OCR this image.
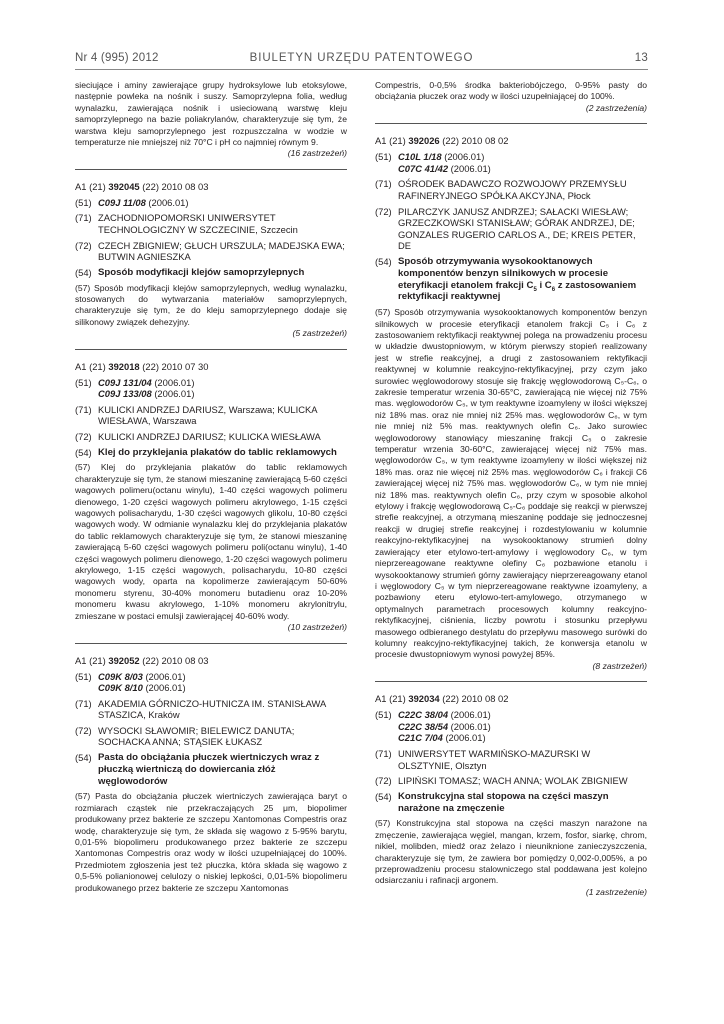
Nr 4 (995) 2012	BIULETYN URZĘDU PATENTOWEGO	13
sieciujące i aminy zawierające grupy hydroksylowe lub etoksylowe, następnie powleka na nośnik i suszy. Samoprzylepna folia, według wynalazku, zawierająca nośnik i usieciowaną warstwę kleju samoprzylepnego na bazie poliakrylanów, charakteryzuje się tym, że warstwa kleju samoprzylepnego jest rozpuszczalna w wodzie w temperaturze nie mniejszej niż 70°C i pH co najmniej równym 9.
(16 zastrzeżeń)
A1 (21) 392045 (22) 2010 08 03
(51) C09J 11/08 (2006.01)
(71) ZACHODNIOPOMORSKI UNIWERSYTET TECHNOLOGICZNY W SZCZECINIE, Szczecin
(72) CZECH ZBIGNIEW; GŁUCH URSZULA; MADEJSKA EWA; BUTWIN AGNIESZKA
(54) Sposób modyfikacji klejów samoprzylepnych
(57) Sposób modyfikacji klejów samoprzylepnych, według wynalazku, stosowanych do wytwarzania materiałów samoprzylepnych, charakteryzuje się tym, że do kleju samoprzylepnego dodaje się silikonowy związek dehezyjny.
(5 zastrzeżeń)
A1 (21) 392018 (22) 2010 07 30
(51) C09J 131/04 (2006.01)
C09J 133/08 (2006.01)
(71) KULICKI ANDRZEJ DARIUSZ, Warszawa; KULICKA WIESŁAWA, Warszawa
(72) KULICKI ANDRZEJ DARIUSZ; KULICKA WIESŁAWA
(54) Klej do przyklejania plakatów do tablic reklamowych
(57) Klej do przyklejania plakatów do tablic reklamowych charakteryzuje się tym, że stanowi mieszaninę zawierającą 5-60 części wagowych polimeru(octanu winylu), 1-40 części wagowych polimeru dienowego, 1-20 części wagowych polimeru akrylowego, 1-15 części wagowych polisacharydu, 1-30 części wagowych glikolu, 10-80 części wagowych wody. W odmianie wynalazku klej do przyklejania plakatów do tablic reklamowych charakteryzuje się tym, że stanowi mieszaninę zawierającą 5-60 części wagowych polimeru poli(octanu winylu), 1-40 części wagowych polimeru dienowego, 1-20 części wagowych polimeru akrylowego, 1-15 części wagowych, polisacharydu, 10-80 części wagowych wody, oparta na kopolimerze zawierającym 50-60% monomeru styrenu, 30-40% monomeru butadienu oraz 10-20% monomeru kwasu akrylowego, 1-10% monomeru akrylonitrylu, zmieszane w postaci emulsji zawierającej 40-60% wody.
(10 zastrzeżeń)
A1 (21) 392052 (22) 2010 08 03
(51) C09K 8/03 (2006.01)
C09K 8/10 (2006.01)
(71) AKADEMIA GÓRNICZO-HUTNICZA IM. STANISŁAWA STASZICA, Kraków
(72) WYSOCKI SŁAWOMIR; BIELEWICZ DANUTA; SOCHACKA ANNA; STĄSIEK ŁUKASZ
(54) Pasta do obciążania płuczek wiertniczych wraz z płuczką wiertniczą do dowiercania złóż węglowodorów
(57) Pasta do obciążania płuczek wiertniczych zawierająca baryt o rozmiarach cząstek nie przekraczających 25 μm, biopolimer produkowany przez bakterie ze szczepu Xantomonas Compestris oraz wodę, charakteryzuje się tym, że składa się wagowo z 5-95% barytu, 0,01-5% biopolimeru produkowanego przez bakterie ze szczepu Xantomonas Compestris oraz wody w ilości uzupełniającej do 100%. Przedmiotem zgłoszenia jest też płuczka, która składa się wagowo z 0,5-5% polianionowej celulozy o niskiej lepkości, 0,01-5% biopolimeru produkowanego przez bakterie ze szczepu Xantomonas
Compestris, 0-0,5% środka bakteriobójczego, 0-95% pasty do obciążania płuczek oraz wody w ilości uzupełniającej do 100%.
(2 zastrzeżenia)
A1 (21) 392026 (22) 2010 08 02
(51) C10L 1/18 (2006.01)
C07C 41/42 (2006.01)
(71) OŚRODEK BADAWCZO ROZWOJOWY PRZEMYSŁU RAFINERYJNEGO SPÓŁKA AKCYJNA, Płock
(72) PILARCZYK JANUSZ ANDRZEJ; SAŁACKI WIESŁAW; GRZECZKOWSKI STANISŁAW; GÓRAK ANDRZEJ, DE; GONZALES RUGERIO CARLOS A., DE; KREIS PETER, DE
(54) Sposób otrzymywania wysokooktanowych komponentów benzyn silnikowych w procesie eteryfikacji etanolem frakcji $C_5$ i $C_6$ z zastosowaniem rektyfikacji reaktywnej
(57) Sposób otrzymywania wysokooktanowych komponentów benzyn silnikowych w procesie eteryfikacji etanolem frakcji C₅ i C₆ z zastosowaniem rektyfikacji reaktywnej polega na prowadzeniu procesu w układzie dwustopniowym, w którym pierwszy stopień realizowany jest w strefie reakcyjnej, a drugi z zastosowaniem rektyfikacji reaktywnej w kolumnie reakcyjno-rektyfikacyjnej, przy czym jako surowiec węglowodorowy stosuje się frakcję węglowodorową C₅-C₆, o zakresie temperatur wrzenia 30-65°C, zawierającą nie więcej niż 75% mas. węglowodorów C₅, w tym reaktywne izoamyleny w ilości większej niż 18% mas. oraz nie mniej niż 25% mas. węglowodorów C₆, w tym nie mniej niż 5% mas. reaktywnych olefin C₆. Jako surowiec węglowodorowy stanowiący mieszaninę frakcji C₅ o zakresie temperatur wrzenia 30-60°C, zawierającej więcej niż 75% mas. węglowodorów C₅, w tym reaktywne izoamyleny w ilości większej niż 18% mas. oraz nie więcej niż 25% mas. węglowodorów C₆ i frakcji C6 zawierającej więcej niż 75% mas. węglowodorów C₆, w tym nie mniej niż 18% mas. reaktywnych olefin C₆, przy czym w sposobie alkohol etylowy i frakcję węglowodorową C₅-C₆ poddaje się reakcji w pierwszej strefie reakcyjnej, a otrzymaną mieszaninę poddaje się jednoczesnej reakcji w drugiej strefie reakcyjnej i rozdestylowaniu w kolumnie reakcyjno-rektyfikacyjnej na wysokooktanowy strumień dolny zawierający eter etylowo-tert-amylowy i węglowodory C₆, w tym nieprzereagowane reaktywne olefiny C₆ pozbawione etanolu i wysokooktanowy strumień górny zawierający nieprzereagowany etanol i węglowodory C₅ w tym nieprzereagowane reaktywne izoamyleny, a pozbawiony eteru etylowo-tert-amylowego, otrzymanego w optymalnych parametrach procesowych kolumny reakcyjno-rektyfikacyjnej, ciśnienia, liczby powrotu i stosunku przepływu masowego odbieranego destylatu do przepływu masowego surówki do kolumny reakcyjno-rektyfikacyjnej takich, że konwersja etanolu w procesie dwustopniowym wynosi powyżej 85%.
(8 zastrzeżeń)
A1 (21) 392034 (22) 2010 08 02
(51) C22C 38/04 (2006.01)
C22C 38/54 (2006.01)
C21C 7/04 (2006.01)
(71) UNIWERSYTET WARMIŃSKO-MAZURSKI W OLSZTYNIE, Olsztyn
(72) LIPIŃSKI TOMASZ; WACH ANNA; WOLAK ZBIGNIEW
(54) Konstrukcyjna stal stopowa na części maszyn narażone na zmęczenie
(57) Konstrukcyjna stal stopowa na części maszyn narażone na zmęczenie, zawierająca węgiel, mangan, krzem, fosfor, siarkę, chrom, nikiel, molibden, miedź oraz żelazo i nieuniknione zanieczyszczenia, charakteryzuje się tym, że zawiera bor pomiędzy 0,002-0,005%, a po przeprowadzeniu procesu stalowniczego stal poddawana jest kolejno odsiarczaniu i rafinacji argonem.
(1 zastrzeżenie)
